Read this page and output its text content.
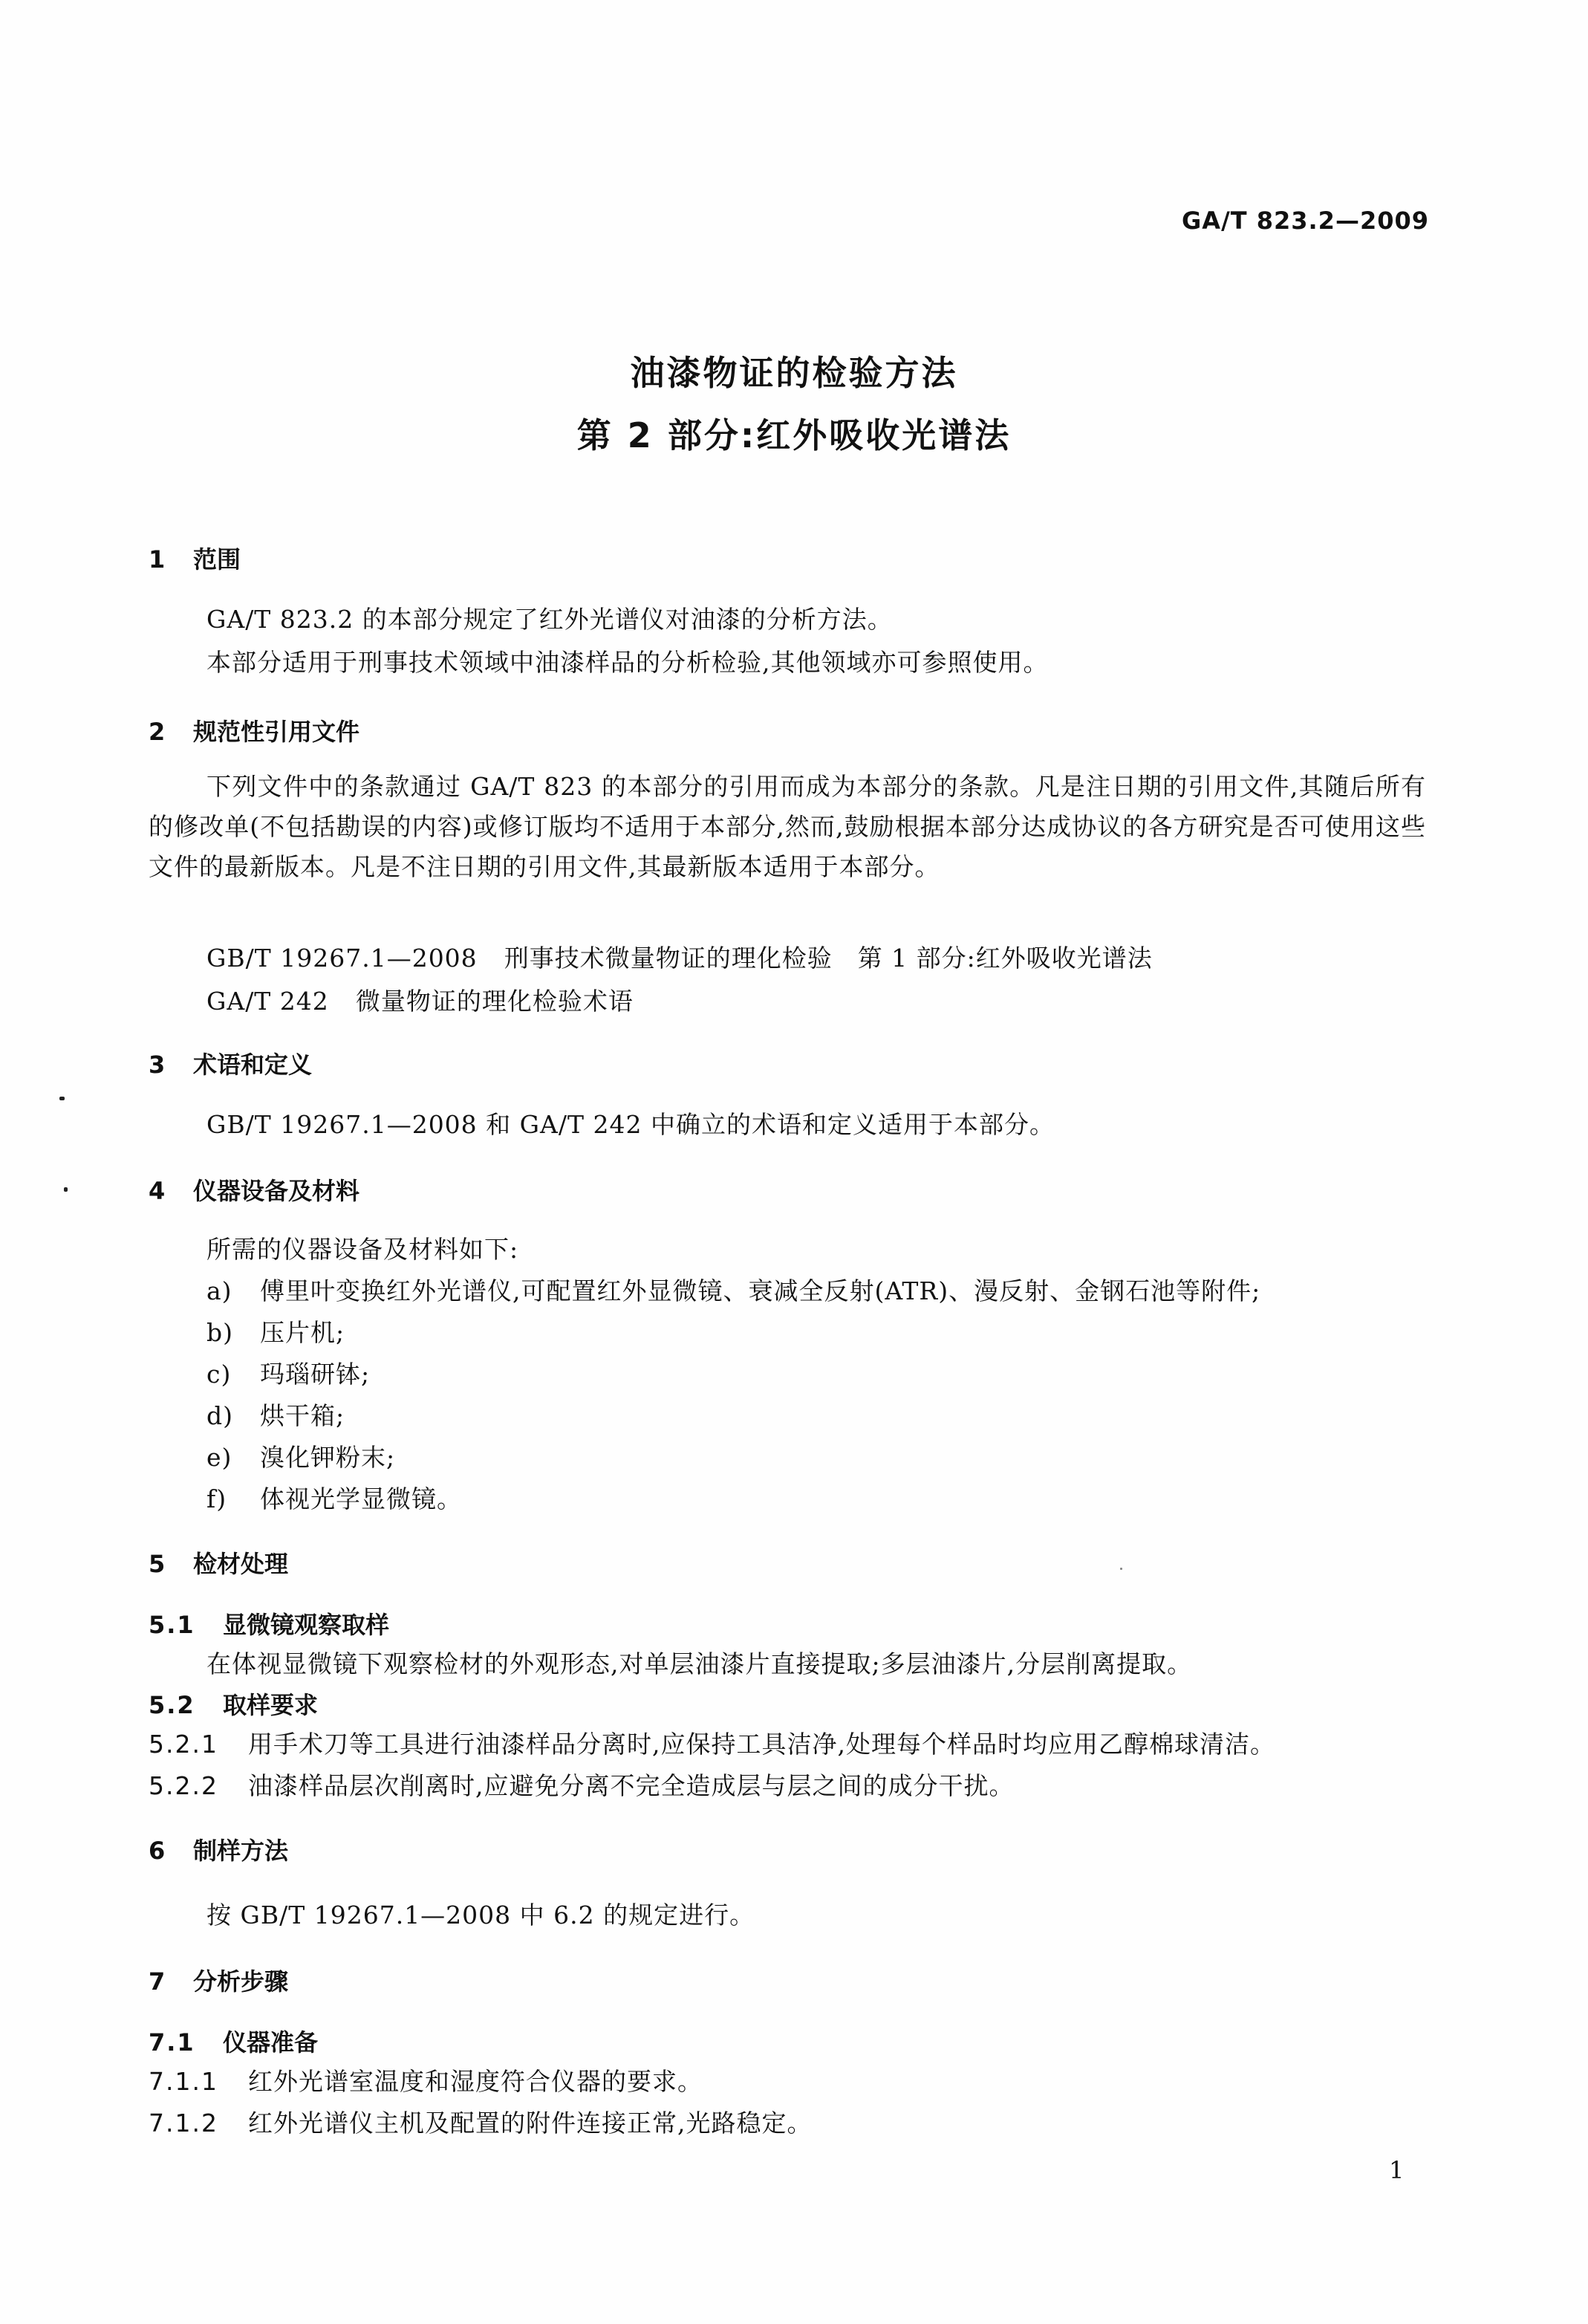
GA/T 823.2—2009
油漆物证的检验方法
第 2 部分:红外吸收光谱法
1 范围
GA/T 823.2 的本部分规定了红外光谱仪对油漆的分析方法。
本部分适用于刑事技术领域中油漆样品的分析检验,其他领域亦可参照使用。
2 规范性引用文件
下列文件中的条款通过 GA/T 823 的本部分的引用而成为本部分的条款。凡是注日期的引用文件,其随后所有的修改单(不包括勘误的内容)或修订版均不适用于本部分,然而,鼓励根据本部分达成协议的各方研究是否可使用这些文件的最新版本。凡是不注日期的引用文件,其最新版本适用于本部分。
GB/T 19267.1—2008 刑事技术微量物证的理化检验　第 1 部分:红外吸收光谱法
GA/T 242 微量物证的理化检验术语
3 术语和定义
GB/T 19267.1—2008 和 GA/T 242 中确立的术语和定义适用于本部分。
4 仪器设备及材料
所需的仪器设备及材料如下:
a) 傅里叶变换红外光谱仪,可配置红外显微镜、衰减全反射(ATR)、漫反射、金钢石池等附件;
b) 压片机;
c) 玛瑙研钵;
d) 烘干箱;
e) 溴化钾粉末;
f) 体视光学显微镜。
5 检材处理
5.1 显微镜观察取样
在体视显微镜下观察检材的外观形态,对单层油漆片直接提取;多层油漆片,分层削离提取。
5.2 取样要求
5.2.1 用手术刀等工具进行油漆样品分离时,应保持工具洁净,处理每个样品时均应用乙醇棉球清洁。
5.2.2 油漆样品层次削离时,应避免分离不完全造成层与层之间的成分干扰。
6 制样方法
按 GB/T 19267.1—2008 中 6.2 的规定进行。
7 分析步骤
7.1 仪器准备
7.1.1 红外光谱室温度和湿度符合仪器的要求。
7.1.2 红外光谱仪主机及配置的附件连接正常,光路稳定。
1
